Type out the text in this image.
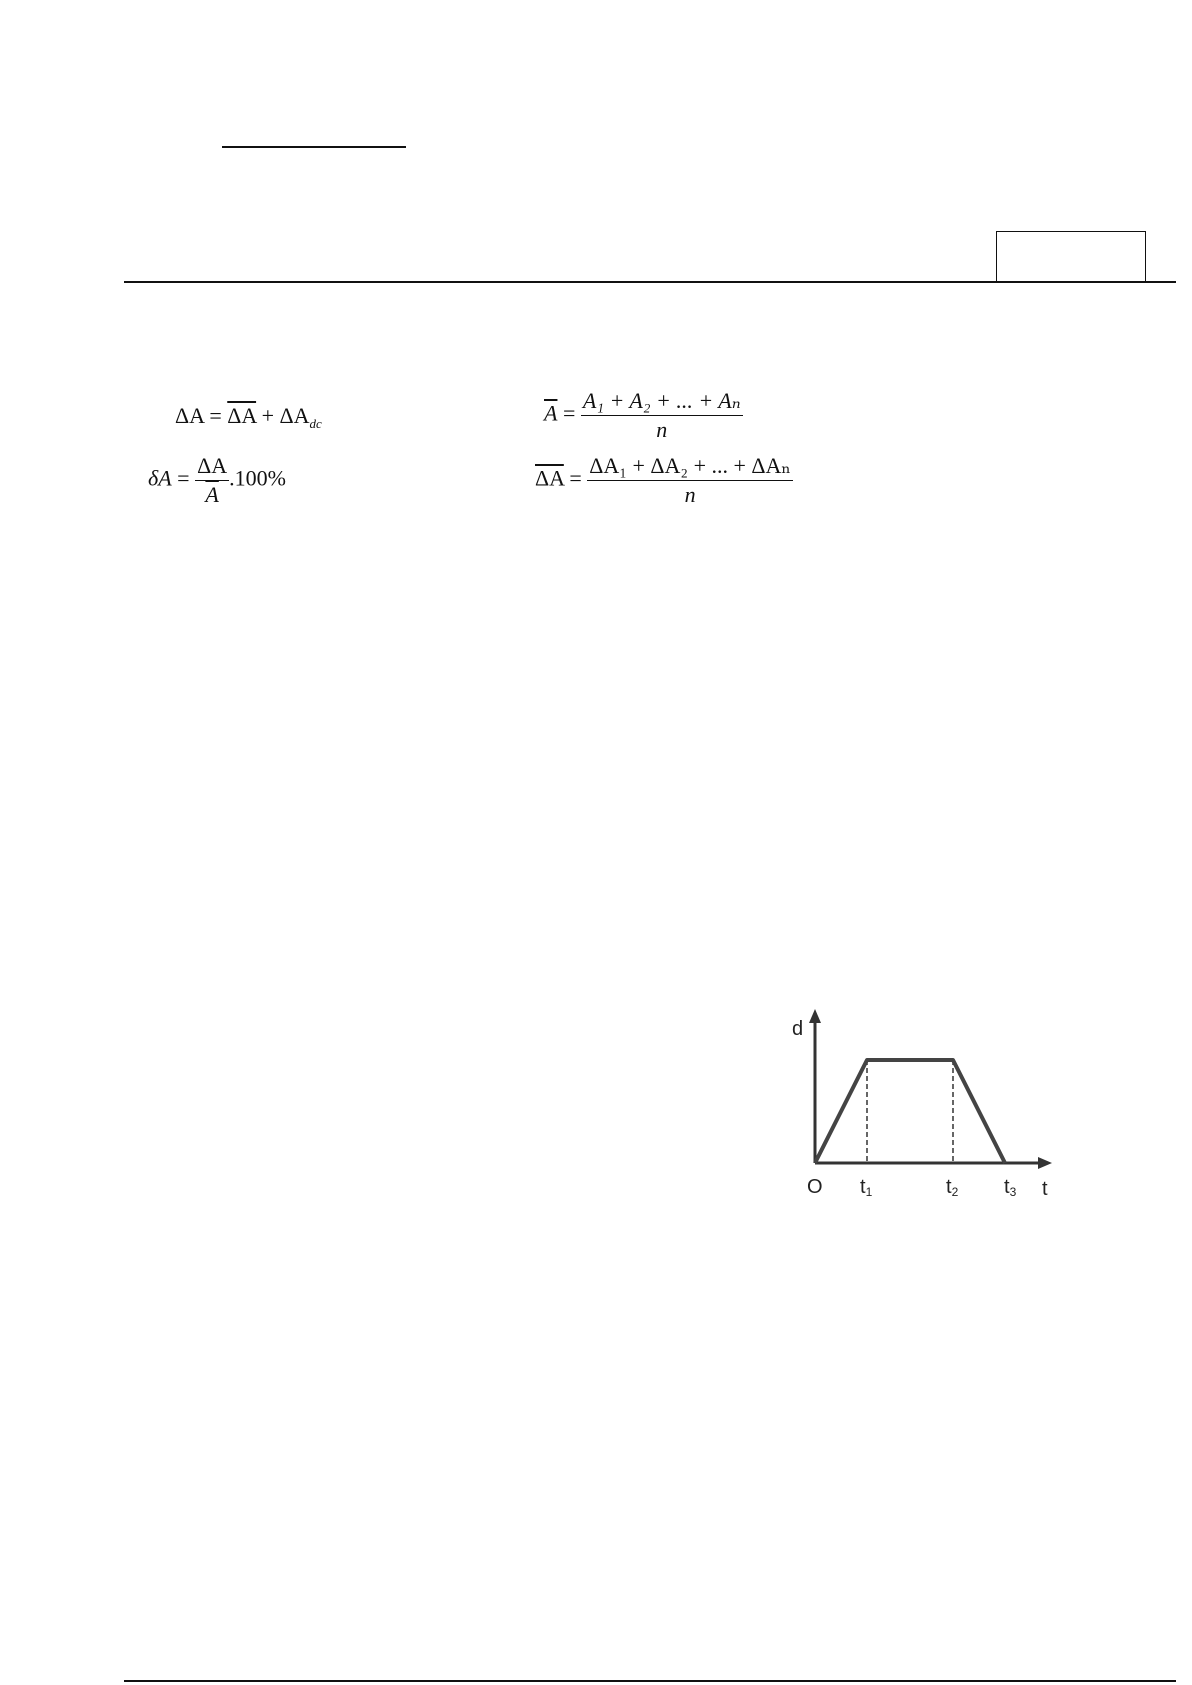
$\Delta A = \overline{\Delta A} + \Delta A_{dc}$	$\overline{A} = \frac{\text{A₁ + A₂ + ... + Aₙ}}{n}$
$\delta A = \frac{\Delta A}{A} .100\%$	$\overline{\Delta A} = \frac{\text{ΔA₁ + ΔA₂ + ... + ΔAₙ}}{n}$
d
t
O t1	t2 t3
